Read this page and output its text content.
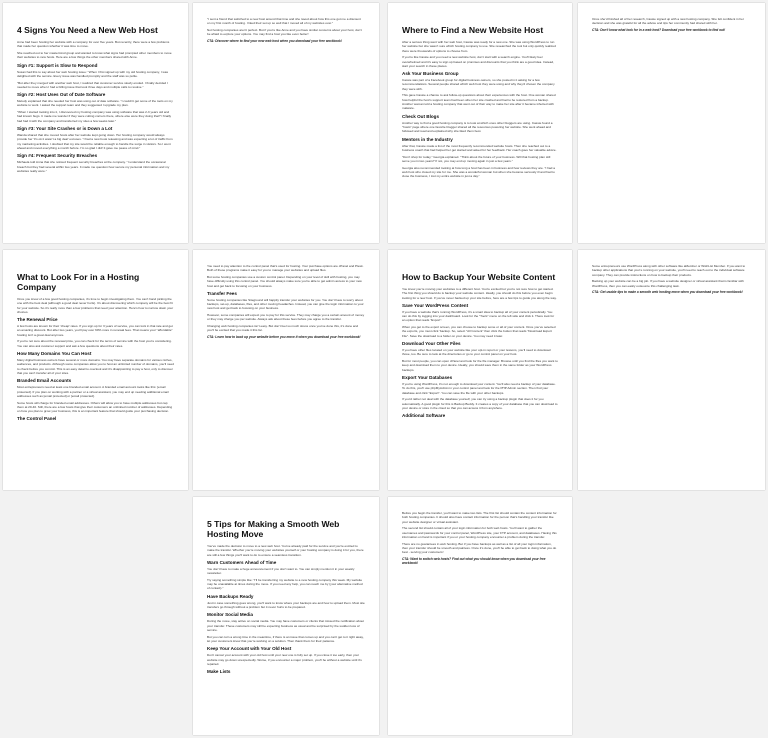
4 Signs You Need a New Web Host

Anne had been hosting her website with a company for over five years. But recently, there were a few problems that made her question whether it was time to move.

She reached out to her mastermind group and wanted to know what signs had prompted other members to move their websites to new hosts. Here are a few things the other members shared with Anne.

Sign #1: Support is Slow to Respond

Susan had this to say about her web hosting issue: "When I first signed up with my old hosting company, I was delighted with the service. Every issue was handled promptly and the staff was so polite.

"But after they merged with another web host, I realized that customer service slowly eroded. I finally decided I needed to move when I had a billing issue that took three days and multiple calls to resolve."

Sign #2: Host Uses Out of Date Software

Melody explained that she needed her host was using out of date software. "I couldn't get some of the tools on my website to work. I asked the support team and they suggested I upgrade my plan.

"When I started looking into it, I discovered my hosting company was using software that was 2-3 years old and had known bugs. It made me wonder if they were cutting corners there, where else were they doing that? I finally had had it with the company and transferred my sites a few weeks later."

Sign #3: Your Site Crashes or is Down a Lot

Wanda shared that she moved hosts after her website kept going down. Her hosting company would always provide her 'it's ok it wasn't a big deal' excuses. "I had a new book releasing and was expecting a lot of traffic from my marketing activities. I doubted that my site would be reliable enough to handle the surge in visitors. So I went ahead and moved everything a month before. I'm so glad I did! It gave me peace of mind."

Sign #4: Frequent Security Breaches

Michaela told Anna that she noticed frequent security breaches at the company. "I understand the occasional breach but they had several within two years. It made me question how secure my personal information and my websites really were."

"I sent a friend that switched to a new host around that time and she raved about how this one got me a discount on my first month of hosting. I liked their set up so well that I moved all of my websites over."

Not hosting companies aren't perfect. But if you're like Anne and you have similar concerns about your host, don't be afraid to explore your options. You may find a host you like even better!

CTA: Discover where to find your new web host when you download your free workbook!

Where to Find a New Website Host

After a serious thing went with her web host, Cassie was ready for a new one. She was using WordPress to run her website but she wasn't sure which hosting company to use. She researched the tool but only quickly realized there were thousands of options to choose from.

If you're like Cassie and you need a new website host, don't start with a search engine. You'll likely feel overwhelmed and it's easy to sign up based on promises and discounts that you think are a good idea. Instead, start your search in these places.

Ask Your Business Group

Cassie was part of a Facebook group for digital business owners, so she posted in it asking for a few recommendations. Several people shared which web host they were using and why they'd chosen the company they were with.

This gave Cassie a chance to ask follow-up questions about their experiences with the host. One woman shared how helpful the host's support team had been when her site crashed and had to be restored from a backup. Another woman told a hosting company that went out of their way to make her site after it became infected with malware.

Check Out Blogs

Another way to find a good hosting company is to look at which ones other bloggers are using. Cassie found a "hosts" page where one favorite blogger shared all the resources powering her website. She went ahead and followed and read and explained why she liked them best.

Mentors in the Industry

After that, Cassie made a list of the most frequently recommended website hosts. Then she reached out to a business coach that had helped her get started and asked for her feedback. Her coach gave her valuable advice.

"Don't shop for today," Georgia explained. "Think about the future of your business. Will that hosting plan still serve you in two years? If not, you may end up moving again in just a few years."

Georgia also recommended looking at how long a host has been in business and how reviews they are. "I had a web host who closed my site for me. She was a wonderful woman but when she became seriously ill and had to close the business, I lost my entire website in just a day."

Once she'd finished all of her research, Cassie signed up with a new hosting company. She felt confident in her decision and she was grateful for all the advice and tips her community had shared with her.

CTA: Don't know what look for in a web host? Download your free workbook to find out!

What to Look For in a Hosting Company

Once you know of a few good hosting companies, it's time to begin investigating them. You can't hand picking the one with the best deal (although a good deal never hurts). It's about discovering which company will be the best fit for your website. So it's really more than a few problems that need your attention. Here's how to narrow down your choices.

The Renewal Price

A few hosts are known for their 'cheap' rates. If you sign up for 3 years of service, you can lock in that rate and get an amazing discount. But after two years, you'll pay over 60% more in renewal fees. That means your "affordable" hosting isn't a great deal anymore.

If you're not sure about the renewal price, you can check for the terms of service with the host you're considering. You can also ask customer support and ask a few questions about their rates.

How Many Domains You Can Host

Many digital business owners have several or more domains. You may have separate domains for various niches, audiences, and products. Although some companies allow you to host an unlimited number of domains, you'll need to check before you commit. This is an easy detail to overlook and it's disappointing to pay a host, only to discover that you can't transfer all of your sites.

Branded Email Accounts

Most entrepreneurs need at least one branded email account. A branded email account looks like this: [email protected]. If you plan on working with a partner or a virtual assistant, you may end up needing additional email addresses such as [email protected] or [email protected].

Some hosts will charge for branded email addresses. Others will allow you to have multiple addresses but cap them at 20-40. Still, there are a few hosts that give their customers an unlimited number of addresses. Depending on how you plan to grow your business, this is an important feature that should guide your purchasing decision.

The Control Panel

You need to pay attention to the control panel that's used for hosting. Your purchase options are cPanel and Plesk. Both of these programs make it easy for you to manage your websites and upload files.

But some hosting companies use a custom control panel. Depending on your level of skill with hosting, you may have difficulty using this control panel. You should always make sure you're able to get admin access to your new host and get back to focusing on your business.

Transfer Fees

Some hosting companies like Siteground will happily transfer your websites for you. You don't have to worry about backups, set-up, databases, files, and other moving headaches. Instead, you can give the login information to your new host and get back to focusing on your business.

However, some companies will expect you to pay for this service. They may charge you a certain amount of money or they may charge you per website. Always ask about these fees before you agree to the transfer.

Changing web hosting companies isn't easy. But don't feel so much stress once you've done this, it's done and you'll be excited that you made it this far.

CTA: Learn how to back up your website before you move it when you download your free workbook!

How to Backup Your Website Content

You know you're moving your websites to a different host. You're excited but you're not sure how to get started. The first thing you should do is backup your website content. Ideally, you should do this before you even begin looking for a new host. If you've never backed up your site before, here are a few tips to guide you along the way.

Save Your WordPress Content

If you have a website that's running WordPress, it's a smart idea to backup all of your content periodically. You can do this by logging into your dashboard. Look for the "Tools" menu on the left side and click it. There look for an option that reads "Export".

When you get to the export screen, you can choose to backup some or all of your content. Once you've selected the exports, you must click 'backup. So, select "All Content" then click the button that reads "Download Export File". Save the download to a folder on your device. You may need it later.

Download Your Other Files

If you have other files located on your website like your opt-in report or your lessons, you'll need to download those, too. Be sure to look at the directories or go to your control panel on your host.

But for most people, you can open cPanel and look for the file manager. Browse until you find the files you want to keep and download them to your device. Ideally, you should save them in the same folder as your WordPress backups.

Export Your Databases

If you're using WordPress, it's not enough to download your content. You'll also need a backup of your database. To do this, you'll use phpMyAdmin in your control panel and look for the PHP Admin section. Then find your database and click "Export". You can save the file with your other backups.

If you'd rather not deal with the database yourself, you can try using a backup plugin that does it for you automatically. A good plugin for this is Backup Buddy. It creates a copy of your database that you can download to your device or store in the cloud so that you can access it from anywhere.

Additional Software

Some entrepreneurs use WordPress along with other software like aMember or WishList Member. If you want to backup other applications that you're running on your website, you'll need to reach out to the individual software company. They can provide instructions on how to backup their products.

Backing up your website can be a big job. If you have a website designer or virtual assistant that is familiar with WordPress, then you can easily outsource this challenging task.

CTA: Get usable tips to make a smooth web hosting move when you download your free workbook!

5 Tips for Making a Smooth Web Hosting Move

You've made the decision to move to a new web host. You've already paid for the service and you're excited to make the transfer. Whether you're moving your websites yourself or your hosting company is doing it for you, there are still a few things you'll want to do to ensure a seamless transition.

Warn Customers Ahead of Time

You don't have to make a huge announcement if you don't want to. You can simply mention it in your weekly newsletter.

Try saying something simple like: "I'll be transferring my website to a new hosting company this week. My website may be unavailable at times during the move. If you need any help, you can reach me by (your alternative method of contact)."

Have Backups Ready

Just in case something goes wrong, you'll want to know where your backups are and how to upload them. Most site transfers go through without a problem but it never hurts to be prepared.

Monitor Social Media

During the move, stay active on social media. You may have customers or clients that missed the notification about your transfer. These customers may still be expecting business as usual and be surprised by the sudden loss of service.

But you can turn a wrong time in the meantime, if there is an issue that comes up and you can't get to it right away, let your customers know that you're working on a solution. Then thank them for their patience.

Keep Your Account with Your Old Host

Don't cancel your account with your old host until your new one is fully set up. If you close it too early, then your website may go down unexpectedly. Worse, if you encounter a major problem, you'll be without a website until it's repaired.

Make Lists

Before you begin the transfer, you'll want to make two lists. The first list should contain the content information for both hosting companies. It should also have contact information for the person that's handling your transfer like your website designer or virtual assistant.

The second list should contain all of your login information for both web hosts. You'll want to gather the usernames and passwords for your control panel, WordPress site, your FTP account, and databases. Having this information on hand is important if you or your hosting company encounter a problem during the transfer.

There are no guarantees in web hosting. But if you have backups as well as a list of all your login information, then your transfer should be smooth and painless. Once it's done, you'll be able to get back to doing what you do best - serving your customers!

CTA: Want to switch web hosts? Find out what you should know when you download your free workbook!
